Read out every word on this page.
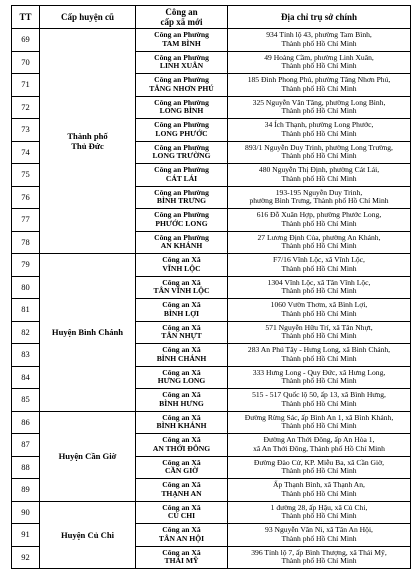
TT	Cấp huyện cũ	Công an
cấp xã mới	Địa chỉ trụ sở chính
69	Thành phố
Thủ Đức	Công an Phường
TAM BÌNH	934 Tỉnh lộ 43, phường Tam Bình,
Thành phố Hồ Chí Minh

70		Công an Phường
LINH XUÂN	49 Hoàng Cầm, phường Linh Xuân,
Thành phố Hồ Chí Minh

71		Công an Phường
TĂNG NHƠN PHÚ	185 Đình Phong Phú, phường Tăng Nhơn Phú,
Thành phố Hồ Chí Minh

72		Công an Phường
LONG BÌNH	325 Nguyễn Văn Tăng, phường Long Bình,
Thành phố Hồ Chí Minh

73		Công an Phường
LONG PHƯỚC	34 Ích Thạnh, phường Long Phước,
Thành phố Hồ Chí Minh

74		Công an Phường
LONG TRƯỜNG	893/1 Nguyễn Duy Trinh, phường Long Trường,
Thành phố Hồ Chí Minh

75		Công an Phường
CÁT LÁI	480 Nguyễn Thị Định, phường Cát Lái,
Thành phố Hồ Chí Minh

76		Công an Phường
BÌNH TRƯNG	193-195 Nguyễn Duy Trinh,
phường Bình Trưng, Thành phố Hồ Chí Minh

77		Công an Phường
PHƯỚC LONG	616 Đỗ Xuân Hợp, phường Phước Long,
Thành phố Hồ Chí Minh

78		Công an Phường
AN KHÁNH	27 Lương Định Của, phường An Khánh,
Thành phố Hồ Chí Minh

79	Huyện Bình Chánh	Công an Xã
VĨNH LỘC	F7/16 Vĩnh Lộc, xã Vĩnh Lộc,
Thành phố Hồ Chí Minh

80		Công an Xã
TÂN VĨNH LỘC	1304 Vĩnh Lộc, xã Tân Vĩnh Lộc,
Thành phố Hồ Chí Minh

81		Công an Xã
BÌNH LỢI	1060 Vườn Thơm, xã Bình Lợi,
Thành phố Hồ Chí Minh

82		Công an Xã
TÂN NHỰT	571 Nguyễn Hữu Trí, xã Tân Nhựt,
Thành phố Hồ Chí Minh

83		Công an Xã
BÌNH CHÁNH	283 An Phú Tây - Hưng Long, xã Bình Chánh,
Thành phố Hồ Chí Minh

84		Công an Xã
HƯNG LONG	333 Hưng Long - Quy Đức, xã Hưng Long,
Thành phố Hồ Chí Minh

85		Công an Xã
BÌNH HƯNG	515 - 517 Quốc lộ 50, ấp 13, xã Bình Hưng,
Thành phố Hồ Chí Minh

86	Huyện Cần Giờ	Công an Xã
BÌNH KHÁNH	Đường Rừng Sác, ấp Bình An 1, xã Bình Khánh,
Thành phố Hồ Chí Minh

87		Công an Xã
AN THỚI ĐÔNG	Đường An Thới Đông, ấp An Hòa 1,
xã An Thới Đông, Thành phố Hồ Chí Minh

88		Công an Xã
CẦN GIỜ	Đường Đào Cử, KP. Miễu Ba, xã Cần Giờ,
Thành phố Hồ Chí Minh

89		Công an Xã
THẠNH AN	Ấp Thạnh Bình, xã Thạnh An,
Thành phố Hồ Chí Minh

90	Huyện Củ Chi	Công an Xã
CỦ CHI	1 đường 28, ấp Hậu, xã Củ Chi,
Thành phố Hồ Chí Minh

91		Công an Xã
TÂN AN HỘI	93 Nguyễn Văn Ni, xã Tân An Hội,
Thành phố Hồ Chí Minh

92		Công an Xã
THÁI MỸ	396 Tỉnh lộ 7, ấp Bình Thượng, xã Thái Mỹ,
Thành phố Hồ Chí Minh
